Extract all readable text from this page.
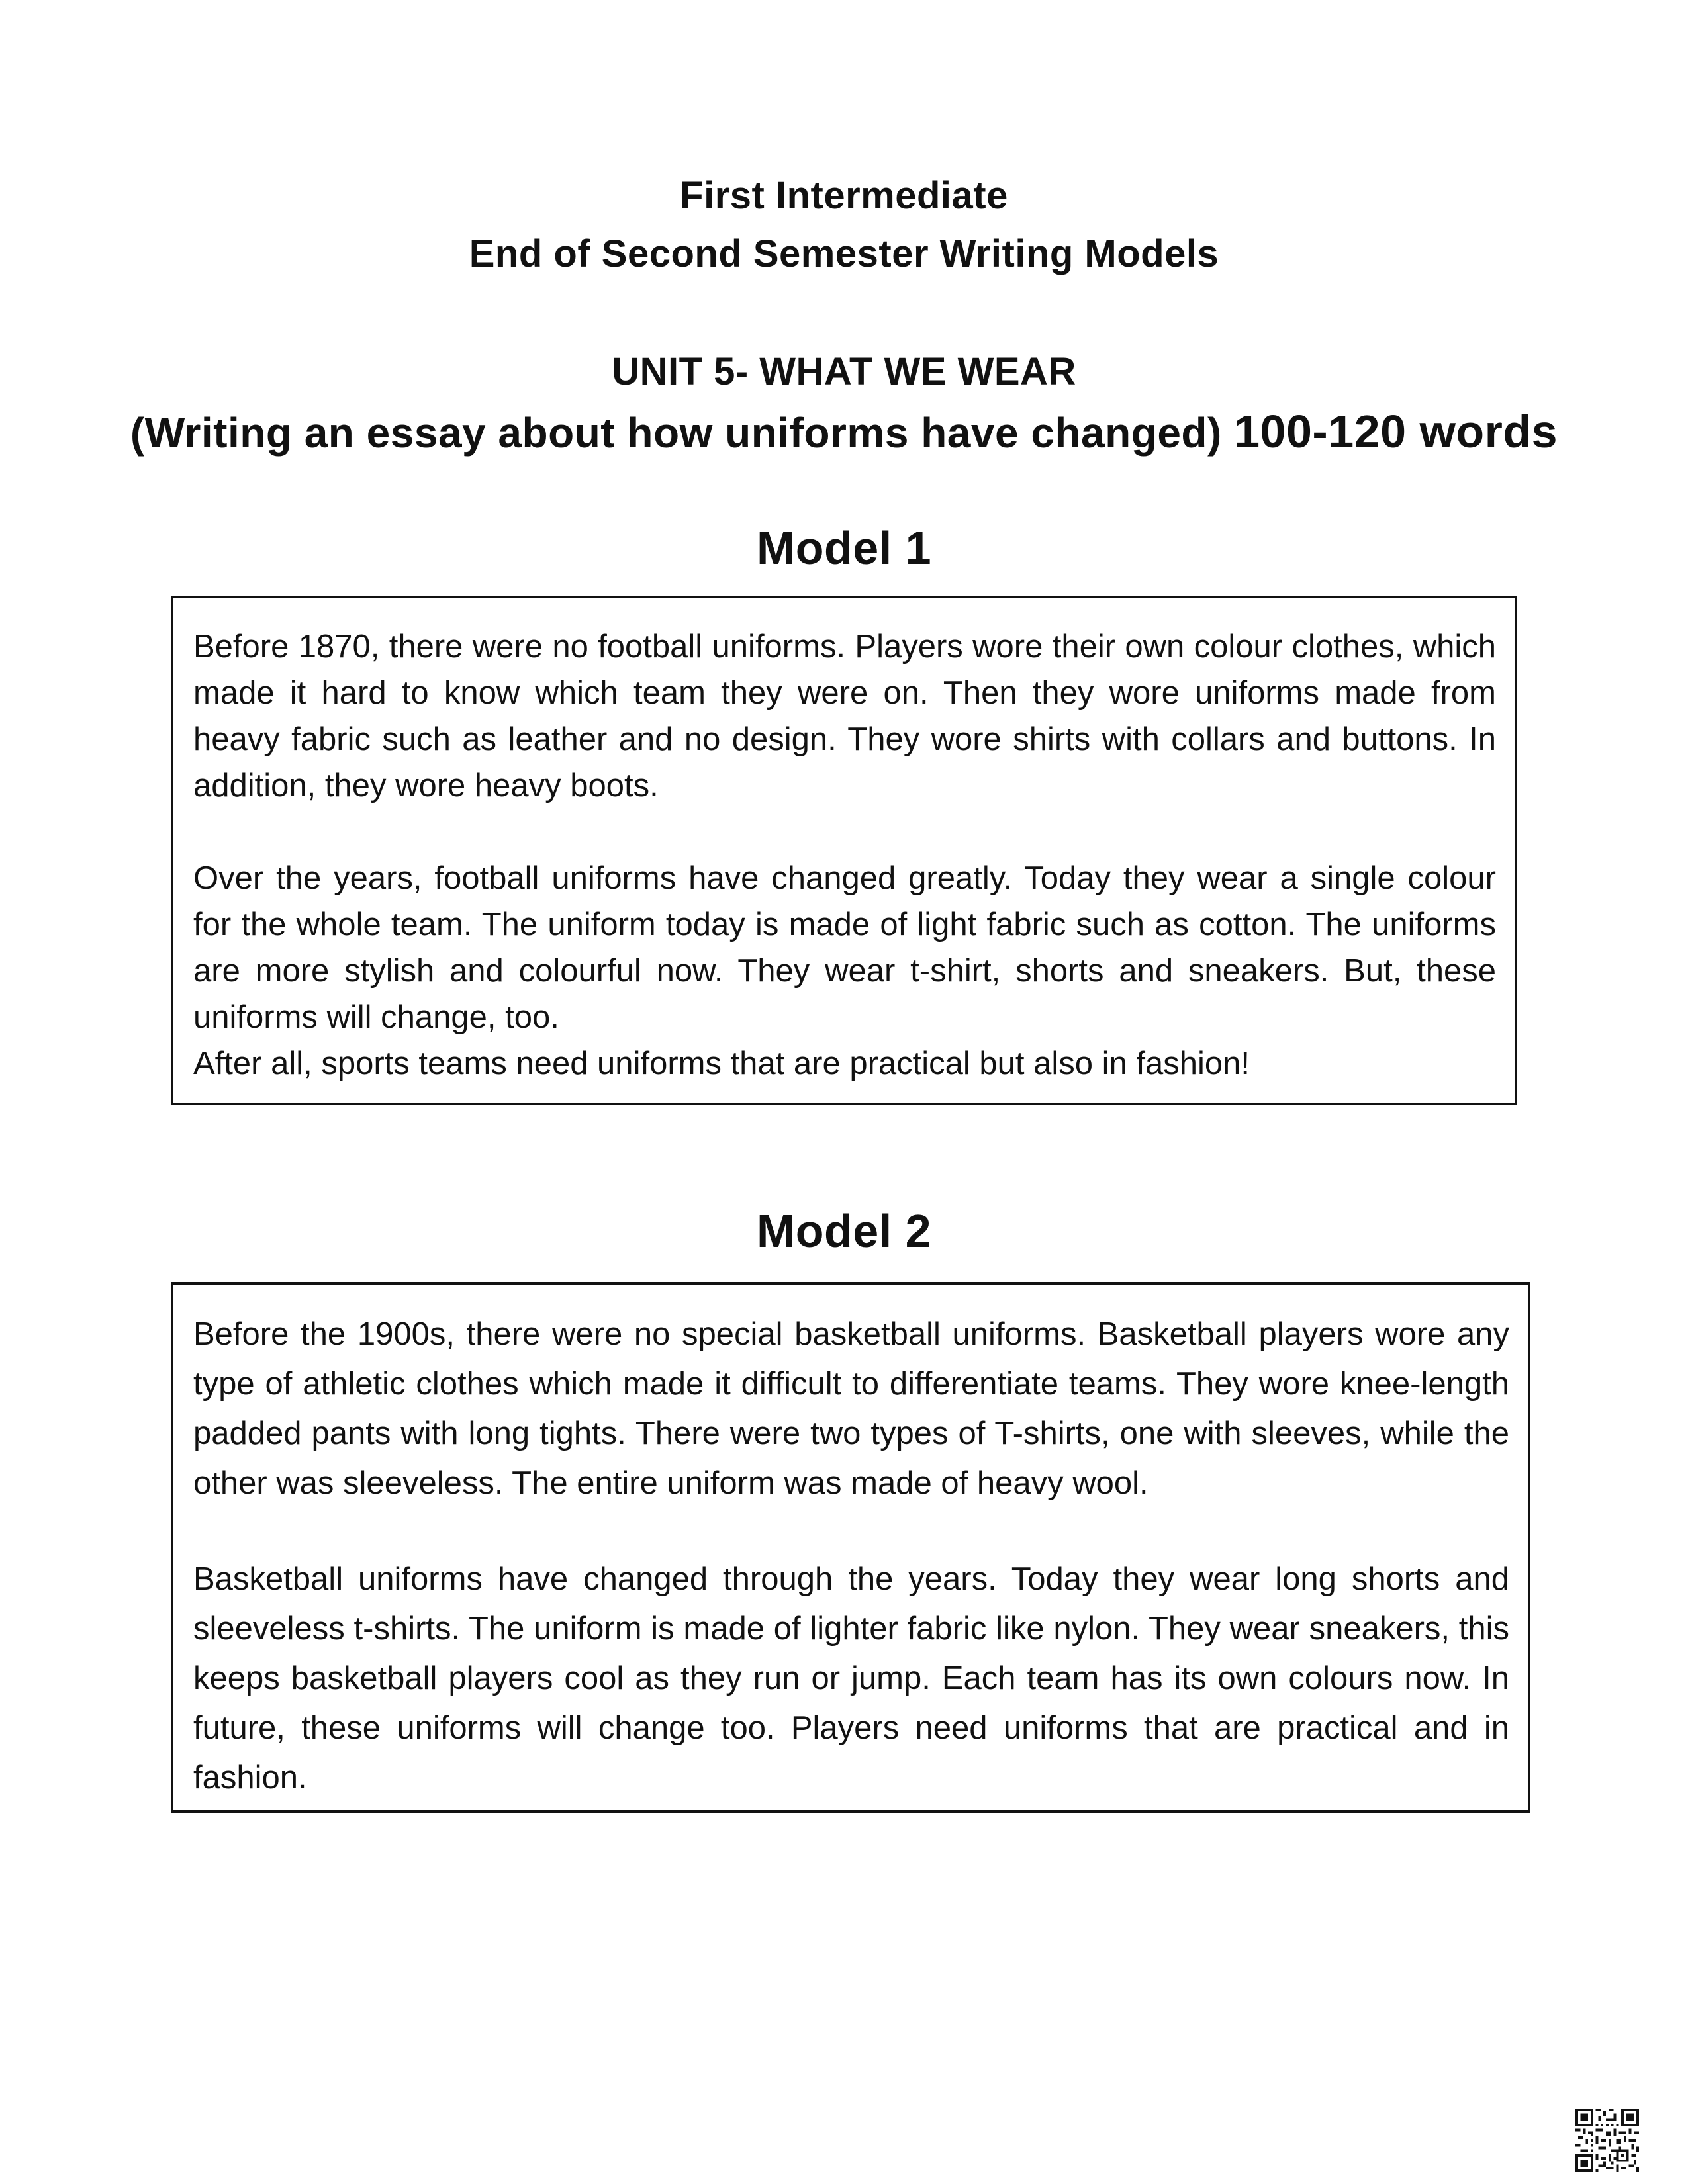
First Intermediate
End of Second Semester Writing Models
UNIT 5- WHAT WE WEAR
(Writing an essay about how uniforms have changed) 100-120 words
Model 1

Before 1870, there were no football uniforms. Players wore their own colour clothes, which made it hard to know which team they were on. Then they wore uniforms made from heavy fabric such as leather and no design. They wore shirts with collars and buttons. In addition, they wore heavy boots.

Over the years, football uniforms have changed greatly. Today they wear a single colour for the whole team. The uniform today is made of light fabric such as cotton. The uniforms are more stylish and colourful now. They wear t-shirt, shorts and sneakers. But, these uniforms will change, too.

After all, sports teams need uniforms that are practical but also in fashion!

Model 2

Before the 1900s, there were no special basketball uniforms. Basketball players wore any type of athletic clothes which made it difficult to differentiate teams. They wore knee-length padded pants with long tights. There were two types of T-shirts, one with sleeves, while the other was sleeveless. The entire uniform was made of heavy wool.

Basketball uniforms have changed through the years. Today they wear long shorts and sleeveless t-shirts. The uniform is made of lighter fabric like nylon. They wear sneakers, this keeps basketball players cool as they run or jump. Each team has its own colours now. In future, these uniforms will change too. Players need uniforms that are practical and in fashion.
